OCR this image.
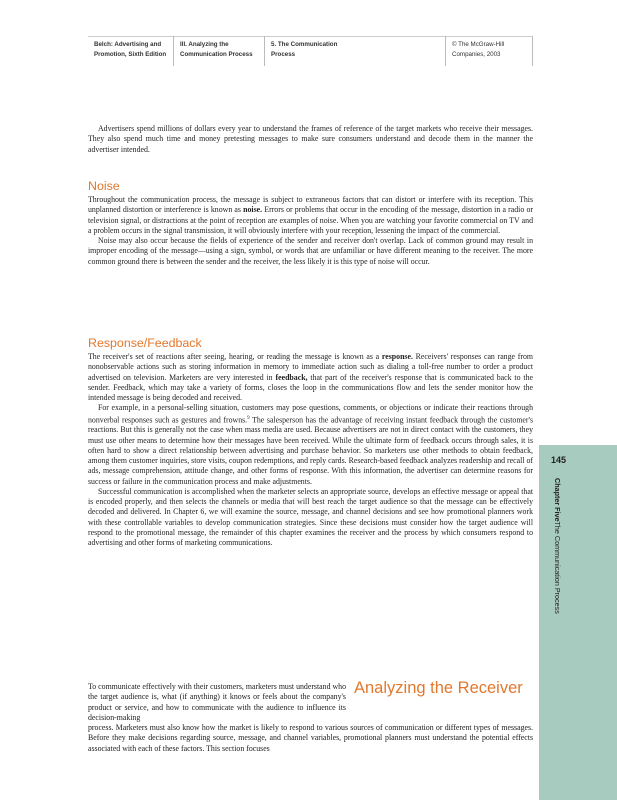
Belch: Advertising and
Promotion, Sixth Edition
III. Analyzing the
Communication Process
5. The Communication
Process
© The McGraw-Hill
Companies, 2003
145
Chapter FiveThe Communication Process

Advertisers spend millions of dollars every year to understand the frames of reference of the target markets who receive their messages. They also spend much time and money pretesting messages to make sure consumers understand and decode them in the manner the advertiser intended.

Noise

Throughout the communication process, the message is subject to extraneous factors that can distort or interfere with its reception. This unplanned distortion or interference is known as noise. Errors or problems that occur in the encoding of the message, distortion in a radio or television signal, or distractions at the point of reception are examples of noise. When you are watching your favorite commercial on TV and a problem occurs in the signal transmission, it will obviously interfere with your reception, lessening the impact of the commercial.

Noise may also occur because the fields of experience of the sender and receiver don't overlap. Lack of common ground may result in improper encoding of the message—using a sign, symbol, or words that are unfamiliar or have different meaning to the receiver. The more common ground there is between the sender and the receiver, the less likely it is this type of noise will occur.

Response/Feedback

The receiver's set of reactions after seeing, hearing, or reading the message is known as a response. Receivers' responses can range from nonobservable actions such as storing information in memory to immediate action such as dialing a toll-free number to order a product advertised on television. Marketers are very interested in feedback, that part of the receiver's response that is communicated back to the sender. Feedback, which may take a variety of forms, closes the loop in the communications flow and lets the sender monitor how the intended message is being decoded and received.

For example, in a personal-selling situation, customers may pose questions, comments, or objections or indicate their reactions through nonverbal responses such as gestures and frowns.$^9$ The salesperson has the advantage of receiving instant feedback through the customer's reactions. But this is generally not the case when mass media are used. Because advertisers are not in direct contact with the customers, they must use other means to determine how their messages have been received. While the ultimate form of feedback occurs through sales, it is often hard to show a direct relationship between advertising and purchase behavior. So marketers use other methods to obtain feedback, among them customer inquiries, store visits, coupon redemptions, and reply cards. Research-based feedback analyzes readership and recall of ads, message comprehension, attitude change, and other forms of response. With this information, the advertiser can determine reasons for success or failure in the communication process and make adjustments.

Successful communication is accomplished when the marketer selects an appropriate source, develops an effective message or appeal that is encoded properly, and then selects the channels or media that will best reach the target audience so that the message can be effectively decoded and delivered. In Chapter 6, we will examine the source, message, and channel decisions and see how promotional planners work with these controllable variables to develop communication strategies. Since these decisions must consider how the target audience will respond to the promotional message, the remainder of this chapter examines the receiver and the process by which consumers respond to advertising and other forms of marketing communications.

Analyzing the Receiver

To communicate effectively with their customers, marketers must understand who the target audience is, what (if anything) it knows or feels about the company's product or service, and how to communicate with the audience to influence its decision-making

process. Marketers must also know how the market is likely to respond to various sources of communication or different types of messages. Before they make decisions regarding source, message, and channel variables, promotional planners must understand the potential effects associated with each of these factors. This section focuses
